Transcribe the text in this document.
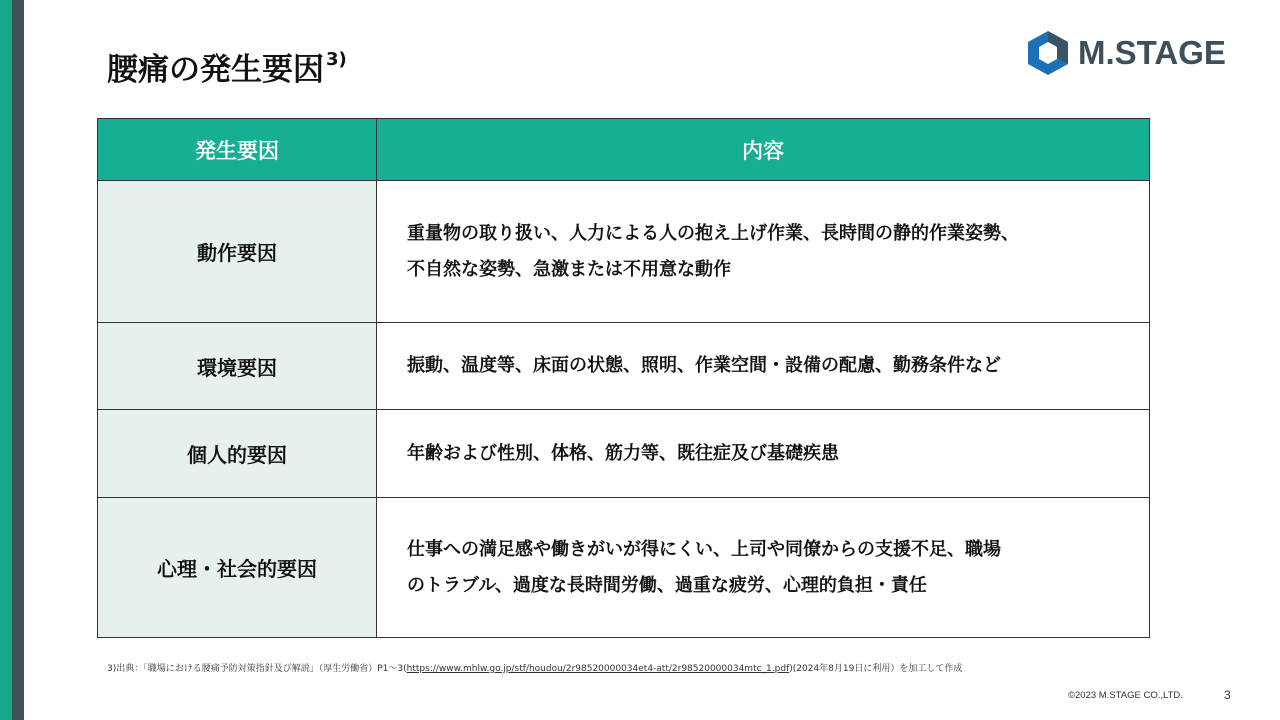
腰痛の発生要因 $^{3)}$	M.STAGE
発生要因	内容
動作要因	重量物の取り扱い、人力による人の抱え上げ作業、長時間の静的作業姿勢、
不自然な姿勢、急激または不用意な動作
環境要因	振動、温度等、床面の状態、照明、作業空間・設備の配慮、勤務条件など
個人的要因	年齢および性別、体格、筋力等、既往症及び基礎疾患
心理・社会的要因	仕事への満足感や働きがいが得にくい、上司や同僚からの支援不足、職場
のトラブル、過度な長時間労働、過重な疲労、心理的負担・責任
3)出典：「職場における腰痛予防対策指針及び解説」（厚生労働省）P1～3(https://www.mhlw.go.jp/stf/houdou/2r98520000034et4-att/2r98520000034mtc_1.pdf)(2024年8月19日に利用）を加工して作成
©2023 M.STAGE CO.,LTD.	3
